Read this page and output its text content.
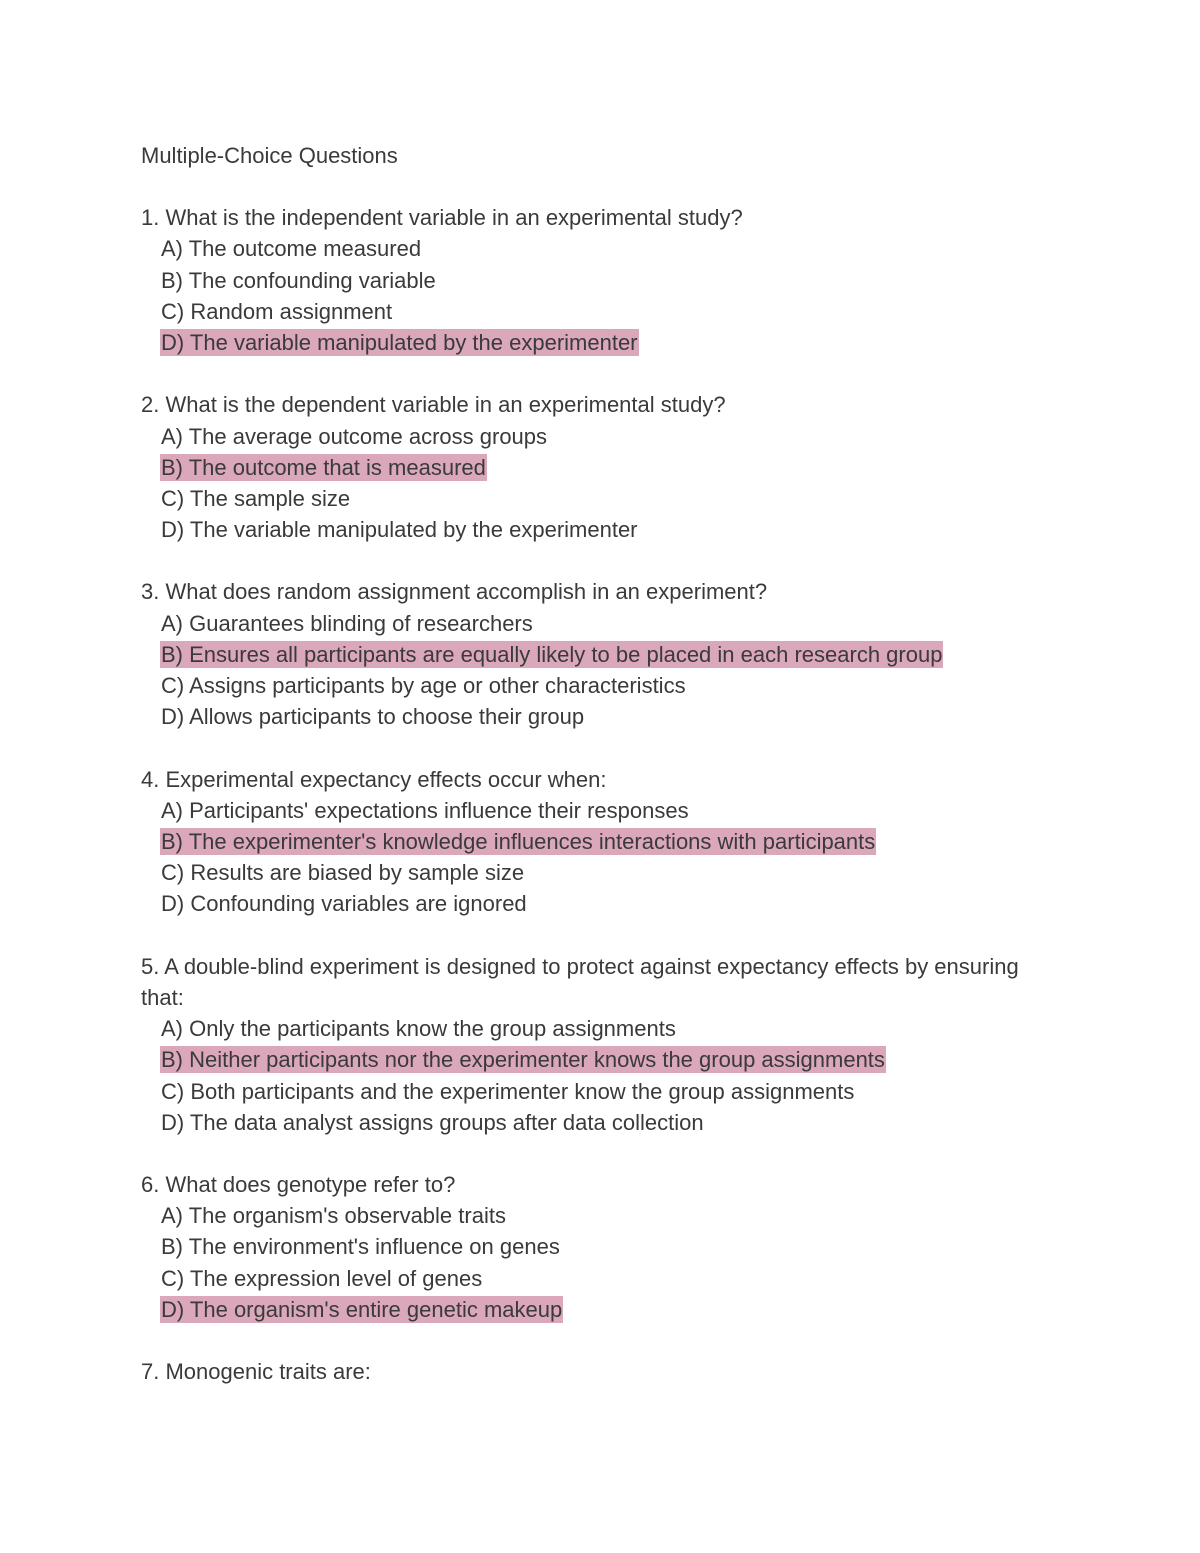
Multiple-Choice Questions
1. What is the independent variable in an experimental study?
A) The outcome measured
B) The confounding variable
C) Random assignment
D) The variable manipulated by the experimenter
2. What is the dependent variable in an experimental study?
A) The average outcome across groups
B) The outcome that is measured
C) The sample size
D) The variable manipulated by the experimenter
3. What does random assignment accomplish in an experiment?
A) Guarantees blinding of researchers
B) Ensures all participants are equally likely to be placed in each research group
C) Assigns participants by age or other characteristics
D) Allows participants to choose their group
4. Experimental expectancy effects occur when:
A) Participants' expectations influence their responses
B) The experimenter's knowledge influences interactions with participants
C) Results are biased by sample size
D) Confounding variables are ignored
5. A double-blind experiment is designed to protect against expectancy effects by ensuring that:
A) Only the participants know the group assignments
B) Neither participants nor the experimenter knows the group assignments
C) Both participants and the experimenter know the group assignments
D) The data analyst assigns groups after data collection
6. What does genotype refer to?
A) The organism's observable traits
B) The environment's influence on genes
C) The expression level of genes
D) The organism's entire genetic makeup
7. Monogenic traits are:
